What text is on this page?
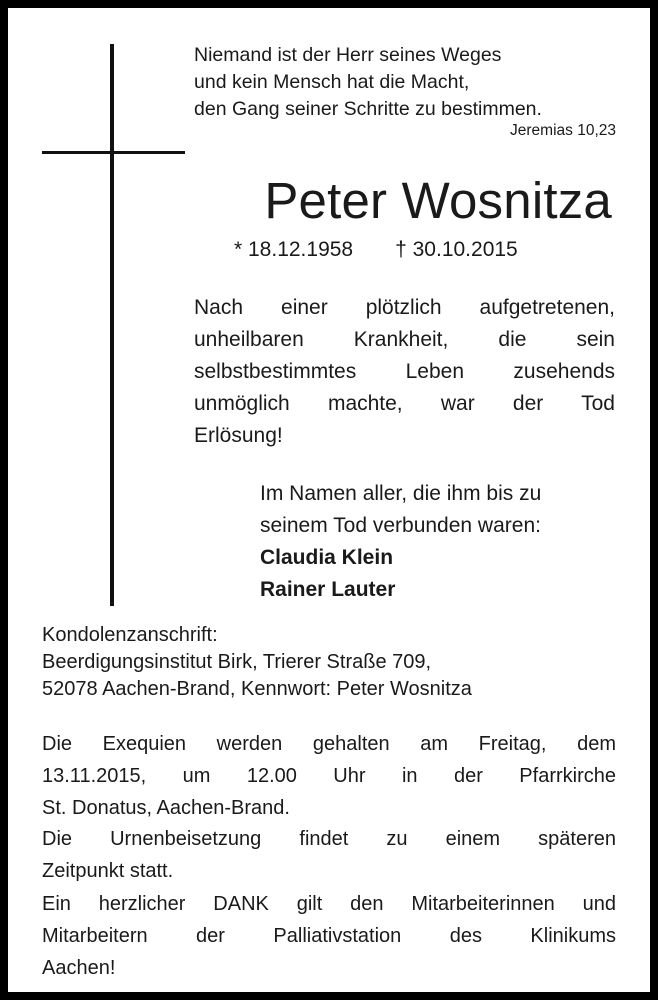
Niemand ist der Herr seines Weges
und kein Mensch hat die Macht,
den Gang seiner Schritte zu bestimmen.
Jeremias 10,23
Peter Wosnitza
* 18.12.1958 † 30.10.2015
Nach einer plötzlich aufgetretenen,
unheilbaren Krankheit, die sein
selbstbestimmtes Leben zusehends
unmöglich machte, war der Tod
Erlösung!
Im Namen aller, die ihm bis zu
seinem Tod verbunden waren:
Claudia Klein
Rainer Lauter
Kondolenzanschrift:
Beerdigungsinstitut Birk, Trierer Straße 709,
52078 Aachen-Brand, Kennwort: Peter Wosnitza
Die Exequien werden gehalten am Freitag, dem
13.11.2015, um 12.00 Uhr in der Pfarrkirche
St. Donatus, Aachen-Brand.
Die Urnenbeisetzung findet zu einem späteren
Zeitpunkt statt.
Ein herzlicher DANK gilt den Mitarbeiterinnen und
Mitarbeitern der Palliativstation des Klinikums
Aachen!
